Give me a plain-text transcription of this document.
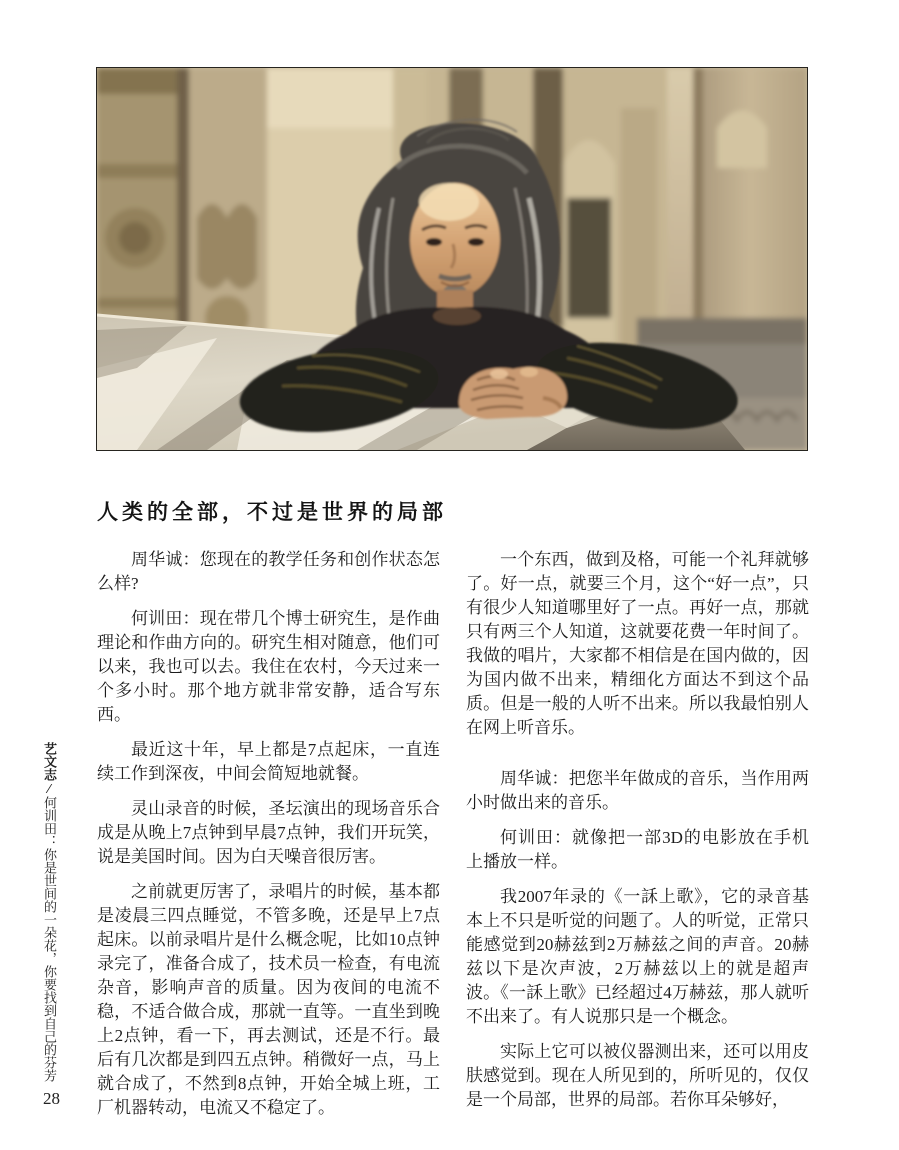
人类的全部，不过是世界的局部

周华诚：您现在的教学任务和创作状态怎么样?

何训田：现在带几个博士研究生，是作曲理论和作曲方向的。研究生相对随意，他们可以来，我也可以去。我住在农村，今天过来一个多小时。那个地方就非常安静，适合写东西。

最近这十年，早上都是7点起床，一直连续工作到深夜，中间会简短地就餐。

灵山录音的时候，圣坛演出的现场音乐合成是从晚上7点钟到早晨7点钟，我们开玩笑，说是美国时间。因为白天噪音很厉害。

之前就更厉害了，录唱片的时候，基本都是凌晨三四点睡觉，不管多晚，还是早上7点起床。以前录唱片是什么概念呢，比如10点钟录完了，准备合成了，技术员一检查，有电流杂音，影响声音的质量。因为夜间的电流不稳，不适合做合成，那就一直等。一直坐到晚上2点钟，看一下，再去测试，还是不行。最后有几次都是到四五点钟。稍微好一点，马上就合成了，不然到8点钟，开始全城上班，工厂机器转动，电流又不稳定了。

一个东西，做到及格，可能一个礼拜就够了。好一点，就要三个月，这个“好一点”，只有很少人知道哪里好了一点。再好一点，那就只有两三个人知道，这就要花费一年时间了。我做的唱片，大家都不相信是在国内做的，因为国内做不出来，精细化方面达不到这个品质。但是一般的人听不出来。所以我最怕别人在网上听音乐。

周华诚：把您半年做成的音乐，当作用两小时做出来的音乐。

何训田：就像把一部3D的电影放在手机上播放一样。

我2007年录的《一訸上歌》，它的录音基本上不只是听觉的问题了。人的听觉，正常只能感觉到20赫兹到2万赫兹之间的声音。20赫兹以下是次声波，2万赫兹以上的就是超声波。《一訸上歌》已经超过4万赫兹，那人就听不出来了。有人说那只是一个概念。

实际上它可以被仪器测出来，还可以用皮肤感觉到。现在人所见到的，所听见的，仅仅是一个局部，世界的局部。若你耳朵够好，

艺文志∕何训田：你是世间的一朵花，你要找到自己的芬芳
28
